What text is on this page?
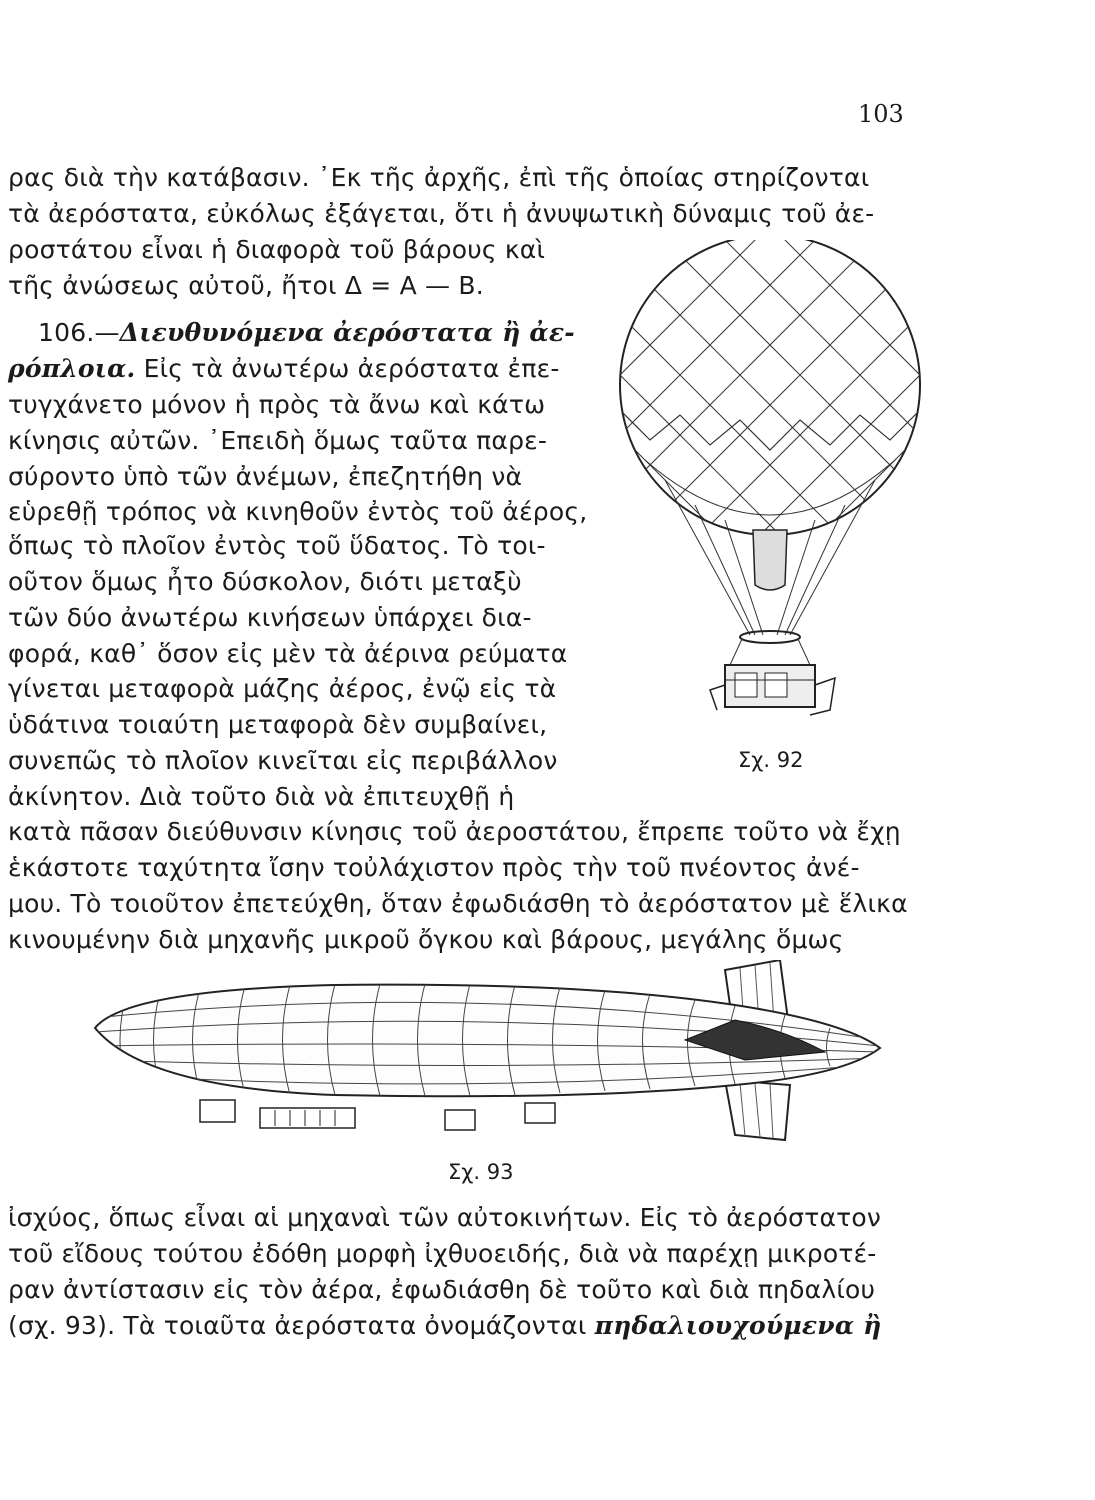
103
ρας διὰ τὴν κατάβασιν. ᾿Εκ τῆς ἀρχῆς, ἐπὶ τῆς ὁποίας στηρίζονται
τὰ ἀερόστατα, εὐκόλως ἐξάγεται, ὅτι ἡ ἀνυψωτικὴ δύναμις τοῦ ἀε-
ροστάτου εἶναι ἡ διαφορὰ τοῦ βάρους καὶ
τῆς ἀνώσεως αὐτοῦ, ἤτοι Δ = Α — Β.
106.—Διευθυνόμενα ἀερόστατα ἢ ἀε-
ρόπλοια. Εἰς τὰ ἀνωτέρω ἀερόστατα ἐπε-
τυγχάνετο μόνον ἡ πρὸς τὰ ἄνω καὶ κάτω
κίνησις αὐτῶν. ᾿Επειδὴ ὅμως ταῦτα παρε-
σύροντο ὑπὸ τῶν ἀνέμων, ἐπεζητήθη νὰ
εὑρεθῇ τρόπος νὰ κινηθοῦν ἐντὸς τοῦ ἀέρος,
ὅπως τὸ πλοῖον ἐντὸς τοῦ ὕδατος. Τὸ τοι-
οῦτον ὅμως ἦτο δύσκολον, διότι μεταξὺ
τῶν δύο ἀνωτέρω κινήσεων ὑπάρχει δια-
φορά, καθ᾿ ὅσον εἰς μὲν τὰ ἀέρινα ρεύματα
γίνεται μεταφορὰ μάζης ἀέρος, ἐνῷ εἰς τὰ
ὑδάτινα τοιαύτη μεταφορὰ δὲν συμβαίνει,
συνεπῶς τὸ πλοῖον κινεῖται εἰς περιβάλλον
ἀκίνητον. Διὰ τοῦτο διὰ νὰ ἐπιτευχθῇ ἡ
κατὰ πᾶσαν διεύθυνσιν κίνησις τοῦ ἀεροστάτου, ἔπρεπε τοῦτο νὰ ἔχῃ
ἑκάστοτε ταχύτητα ἴσην τοὐλάχιστον πρὸς τὴν τοῦ πνέοντος ἀνέ-
μου. Τὸ τοιοῦτον ἐπετεύχθη, ὅταν ἐφωδιάσθη τὸ ἀερόστατον μὲ ἕλικα
κινουμένην διὰ μηχανῆς μικροῦ ὄγκου καὶ βάρους, μεγάλης ὅμως
Σχ. 92
Σχ. 93
ἰσχύος, ὅπως εἶναι αἱ μηχαναὶ τῶν αὐτοκινήτων. Εἰς τὸ ἀερόστατον
τοῦ εἴδους τούτου ἐδόθη μορφὴ ἰχθυοειδής, διὰ νὰ παρέχῃ μικροτέ-
ραν ἀντίστασιν εἰς τὸν ἀέρα, ἐφωδιάσθη δὲ τοῦτο καὶ διὰ πηδαλίου
(σχ. 93). Τὰ τοιαῦτα ἀερόστατα ὀνομάζονται πηδαλιουχούμενα ἢ
